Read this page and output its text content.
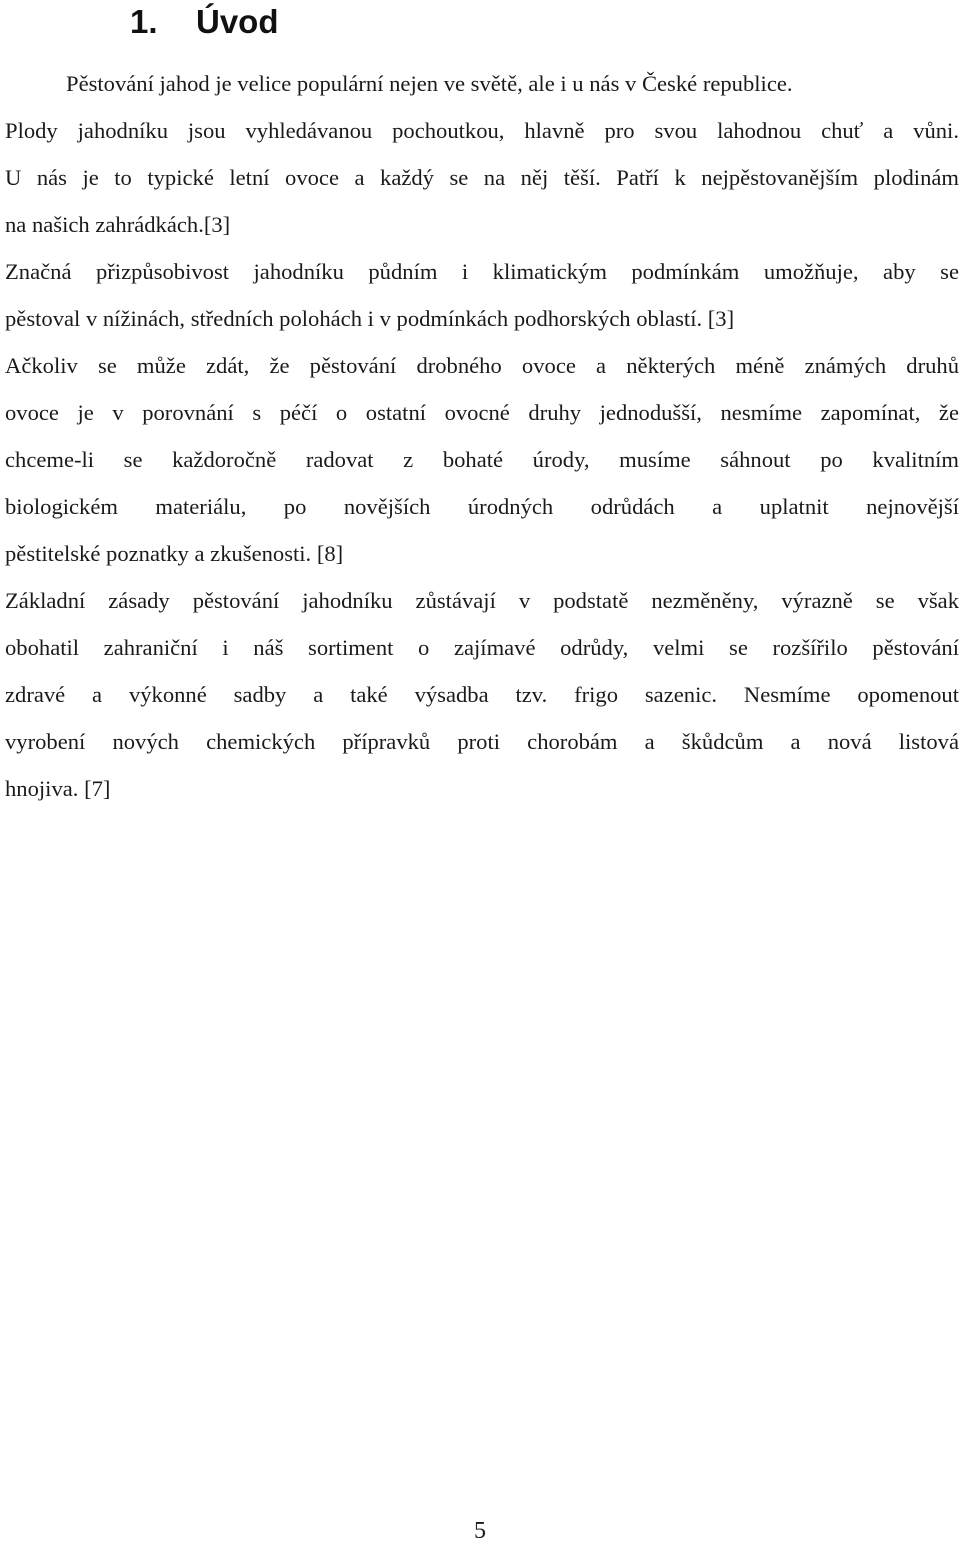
1. Úvod
Pěstování jahod je velice populární nejen ve světě, ale i u nás v České republice.
Plody jahodníku jsou vyhledávanou pochoutkou, hlavně pro svou lahodnou chuť a vůni.
U nás je to typické letní ovoce a každý se na něj těší. Patří k nejpěstovanějším plodinám
na našich zahrádkách.[3]
Značná přizpůsobivost jahodníku půdním i klimatickým podmínkám umožňuje, aby se
pěstoval v nížinách, středních polohách i v podmínkách podhorských oblastí. [3]
Ačkoliv se může zdát, že pěstování drobného ovoce a některých méně známých druhů
ovoce je v porovnání s péčí o ostatní ovocné druhy jednodušší, nesmíme zapomínat, že
chceme-li se každoročně radovat z bohaté úrody, musíme sáhnout po kvalitním
biologickém materiálu, po novějších úrodných odrůdách a uplatnit nejnovější
pěstitelské poznatky a zkušenosti. [8]
Základní zásady pěstování jahodníku zůstávají v podstatě nezměněny, výrazně se však
obohatil zahraniční i náš sortiment o zajímavé odrůdy, velmi se rozšířilo pěstování
zdravé a výkonné sadby a také výsadba tzv. frigo sazenic. Nesmíme opomenout
vyrobení nových chemických přípravků proti chorobám a škůdcům a nová listová
hnojiva. [7]
5
